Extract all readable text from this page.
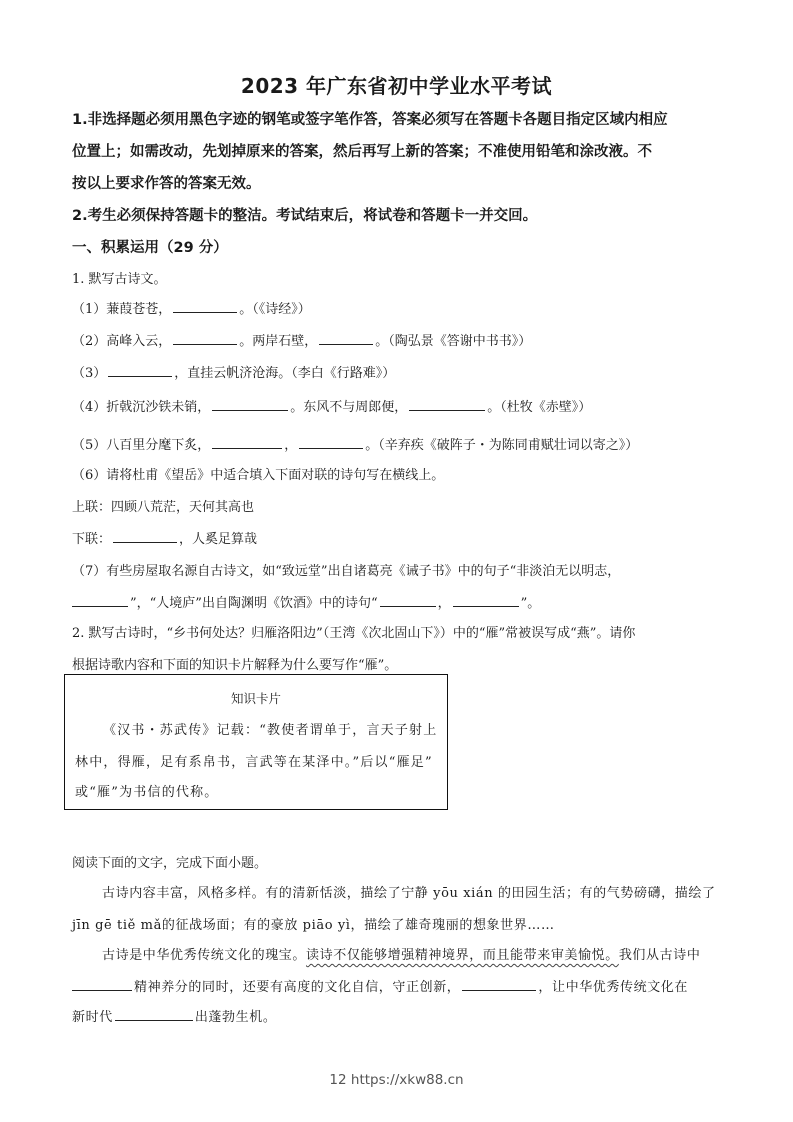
2023 年广东省初中学业水平考试
1.非选择题必须用黑色字迹的钢笔或签字笔作答，答案必须写在答题卡各题目指定区域内相应
位置上；如需改动，先划掉原来的答案，然后再写上新的答案；不准使用铅笔和涂改液。不
按以上要求作答的答案无效。
2.考生必须保持答题卡的整洁。考试结束后，将试卷和答题卡一并交回。
一、积累运用（29 分）
1. 默写古诗文。
（1）蒹葭苍苍，	。（《诗经》）
（2）高峰入云，	。两岸石壁，	。（陶弘景《答谢中书书》）
（3）	，直挂云帆济沧海。（李白《行路难》）
（4）折戟沉沙铁未销，	。东风不与周郎便，	。（杜牧《赤壁》）
（5）八百里分麾下炙，	，	。（辛弃疾《破阵子・为陈同甫赋壮词以寄之》）
（6）请将杜甫《望岳》中适合填入下面对联的诗句写在横线上。
上联：四顾八荒茫，天何其高也
下联：	，人奚足算哉
（7）有些房屋取名源自古诗文，如“致远堂”出自诸葛亮《诫子书》中的句子“非淡泊无以明志，
”，“人境庐”出自陶渊明《饮酒》中的诗句“	，	”。
2. 默写古诗时，“乡书何处达？归雁洛阳边”（王湾《次北固山下》）中的“雁”常被误写成“燕”。请你
根据诗歌内容和下面的知识卡片解释为什么要写作“雁”。
知识卡片
《汉书・苏武传》记载：“教使者谓单于，言天子射上
林中，得雁，足有系帛书，言武等在某泽中。”后以“雁足”
或“雁”为书信的代称。
阅读下面的文字，完成下面小题。
古诗内容丰富，风格多样。有的清新恬淡，描绘了宁静 yōu xián 的田园生活；有的气势磅礴，描绘了
jīn gē tiě mǎ的征战场面；有的豪放 piāo yì，描绘了雄奇瑰丽的想象世界……
古诗是中华优秀传统文化的瑰宝。读诗不仅能够增强精神境界，而且能带来审美愉悦。我们从古诗中
精神养分的同时，还要有高度的文化自信，守正创新，	，让中华优秀传统文化在
新时代	出蓬勃生机。
12 https://xkw88.cn
